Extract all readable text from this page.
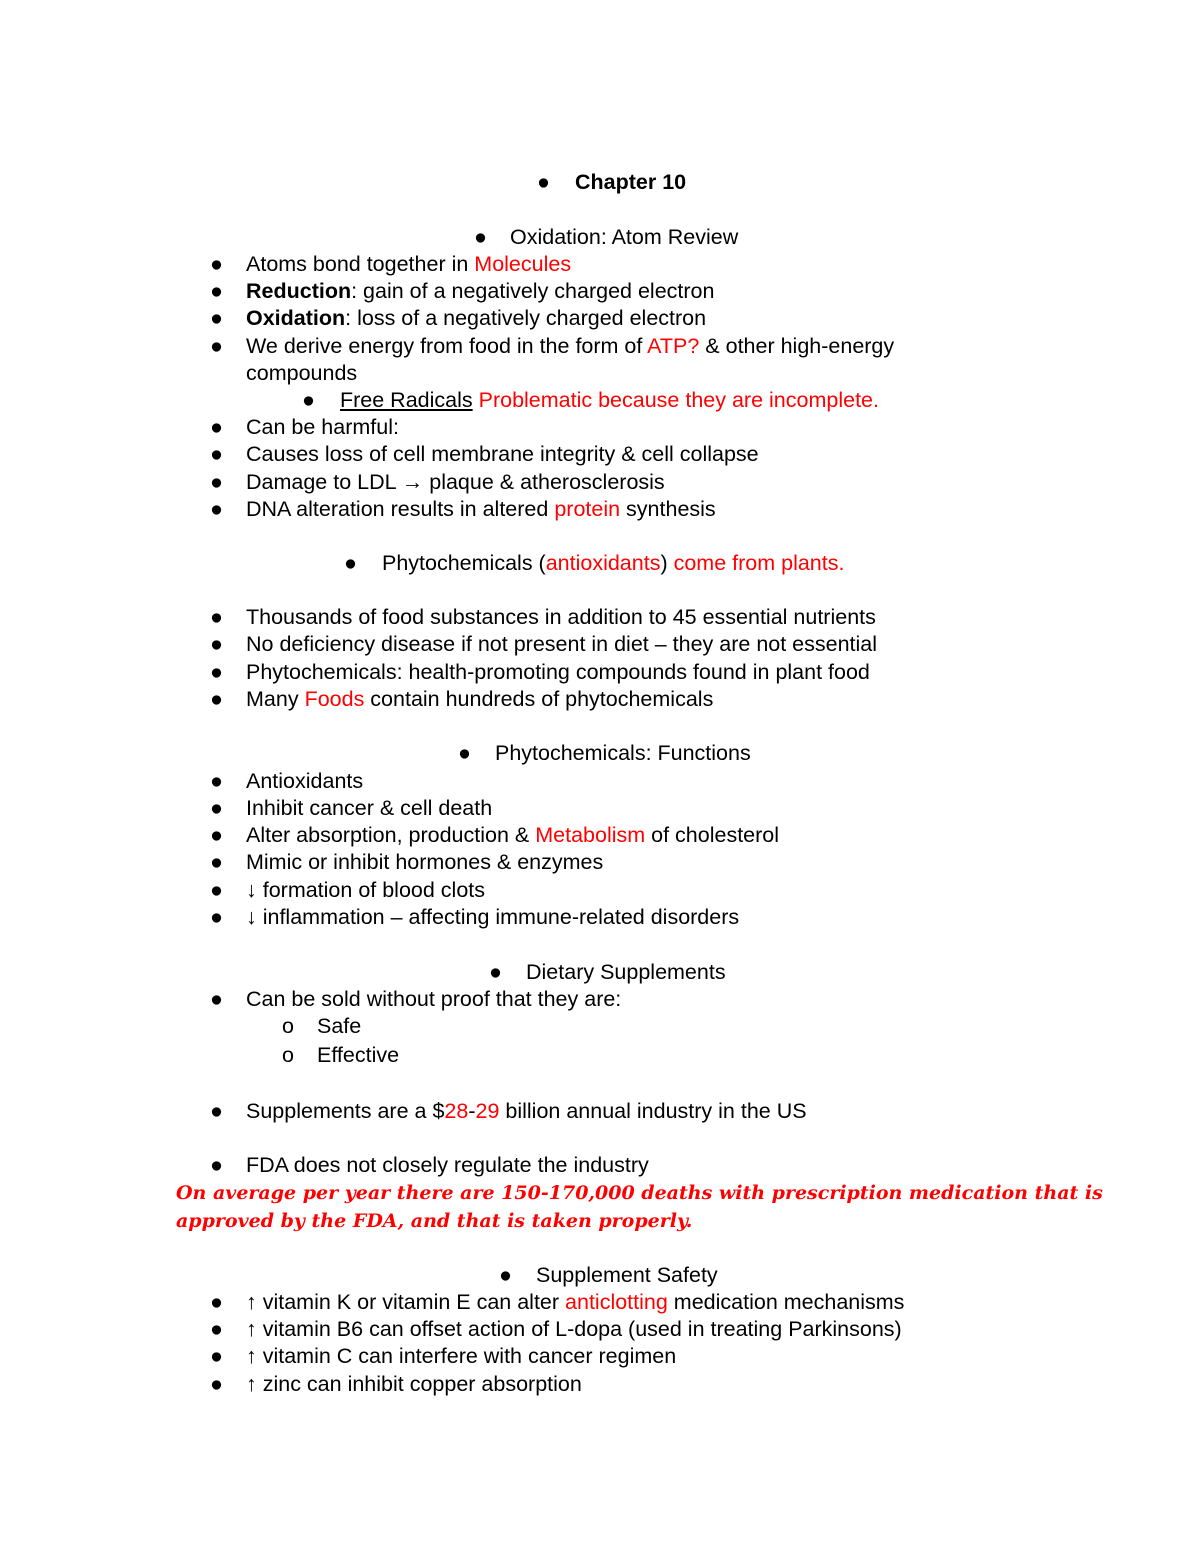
● Chapter 10
● Oxidation: Atom Review
● Atoms bond together in Molecules
● Reduction: gain of a negatively charged electron
● Oxidation: loss of a negatively charged electron
● We derive energy from food in the form of ATP? & other high-energy
compounds
● Free Radicals Problematic because they are incomplete.
● Can be harmful:
● Causes loss of cell membrane integrity & cell collapse
● Damage to LDL → plaque & atherosclerosis
● DNA alteration results in altered protein synthesis
● Phytochemicals (antioxidants) come from plants.
● Thousands of food substances in addition to 45 essential nutrients
● No deficiency disease if not present in diet – they are not essential
● Phytochemicals: health-promoting compounds found in plant food
● Many Foods contain hundreds of phytochemicals
● Phytochemicals: Functions
● Antioxidants
● Inhibit cancer & cell death
● Alter absorption, production & Metabolism of cholesterol
● Mimic or inhibit hormones & enzymes
● ↓ formation of blood clots
● ↓ inflammation – affecting immune-related disorders
● Dietary Supplements
● Can be sold without proof that they are:
o Safe
o Effective
● Supplements are a $28-29 billion annual industry in the US
● FDA does not closely regulate the industry
On average per year there are 150-170,000 deaths with prescription medication that is
approved by the FDA, and that is taken properly.
● Supplement Safety
● ↑ vitamin K or vitamin E can alter anticlotting medication mechanisms
● ↑ vitamin B6 can offset action of L-dopa (used in treating Parkinsons)
● ↑ vitamin C can interfere with cancer regimen
● ↑ zinc can inhibit copper absorption
